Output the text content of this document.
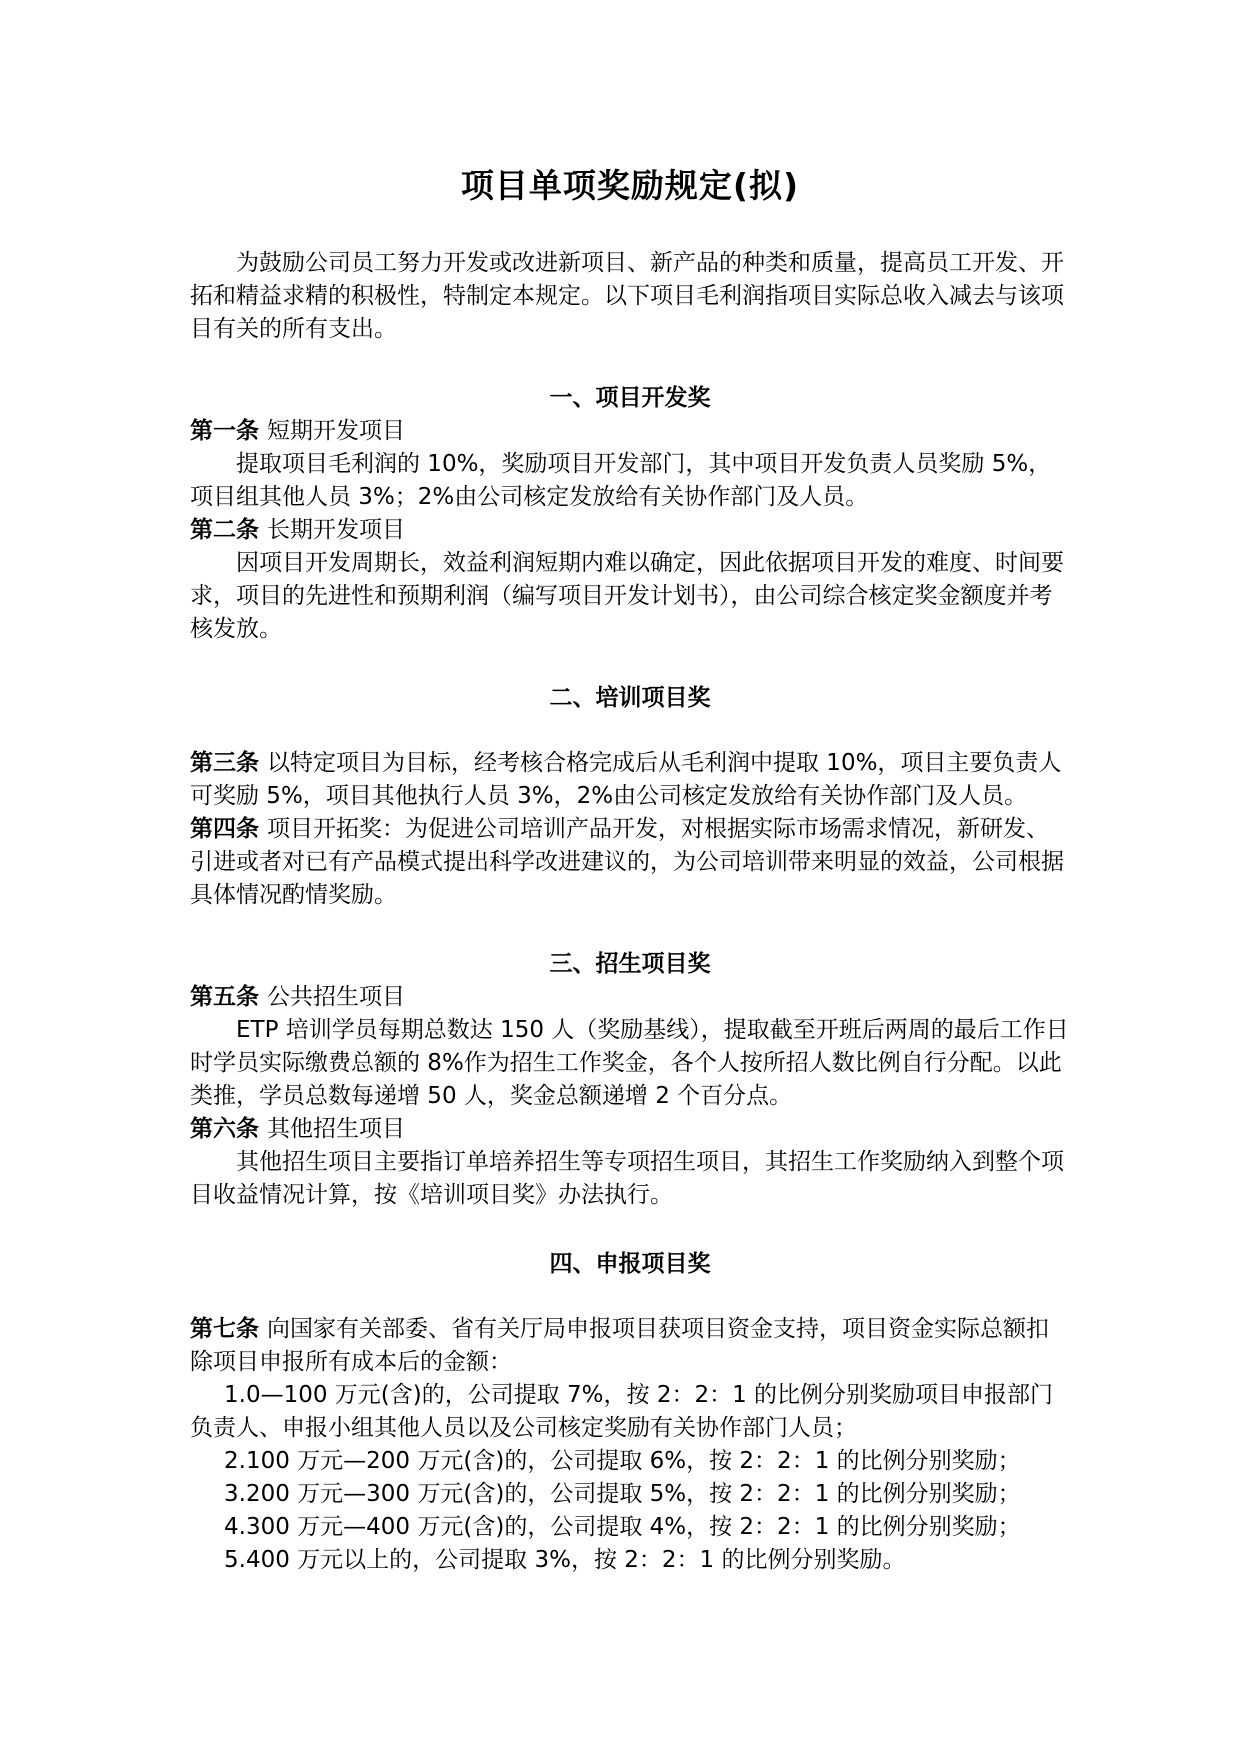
项目单项奖励规定(拟)

为鼓励公司员工努力开发或改进新项目、新产品的种类和质量，提高员工开发、开拓和精益求精的积极性，特制定本规定。以下项目毛利润指项目实际总收入减去与该项目有关的所有支出。

一、项目开发奖

第一条 短期开发项目

提取项目毛利润的 10%，奖励项目开发部门，其中项目开发负责人员奖励 5%，项目组其他人员 3%；2%由公司核定发放给有关协作部门及人员。

第二条 长期开发项目

因项目开发周期长，效益利润短期内难以确定，因此依据项目开发的难度、时间要求，项目的先进性和预期利润（编写项目开发计划书），由公司综合核定奖金额度并考核发放。

二、培训项目奖

第三条 以特定项目为目标，经考核合格完成后从毛利润中提取 10%，项目主要负责人可奖励 5%，项目其他执行人员 3%，2%由公司核定发放给有关协作部门及人员。

第四条 项目开拓奖：为促进公司培训产品开发，对根据实际市场需求情况，新研发、引进或者对已有产品模式提出科学改进建议的，为公司培训带来明显的效益，公司根据具体情况酌情奖励。

三、招生项目奖

第五条 公共招生项目

ETP 培训学员每期总数达 150 人（奖励基线），提取截至开班后两周的最后工作日时学员实际缴费总额的 8%作为招生工作奖金，各个人按所招人数比例自行分配。以此类推，学员总数每递增 50 人，奖金总额递增 2 个百分点。

第六条 其他招生项目

其他招生项目主要指订单培养招生等专项招生项目，其招生工作奖励纳入到整个项目收益情况计算，按《培训项目奖》办法执行。

四、申报项目奖

第七条 向国家有关部委、省有关厅局申报项目获项目资金支持，项目资金实际总额扣除项目申报所有成本后的金额：

1.0—100 万元(含)的，公司提取 7%，按 2：2：1 的比例分别奖励项目申报部门负责人、申报小组其他人员以及公司核定奖励有关协作部门人员；

2.100 万元—200 万元(含)的，公司提取 6%，按 2：2：1 的比例分别奖励；

3.200 万元—300 万元(含)的，公司提取 5%，按 2：2：1 的比例分别奖励；

4.300 万元—400 万元(含)的，公司提取 4%，按 2：2：1 的比例分别奖励；

5.400 万元以上的，公司提取 3%，按 2：2：1 的比例分别奖励。
